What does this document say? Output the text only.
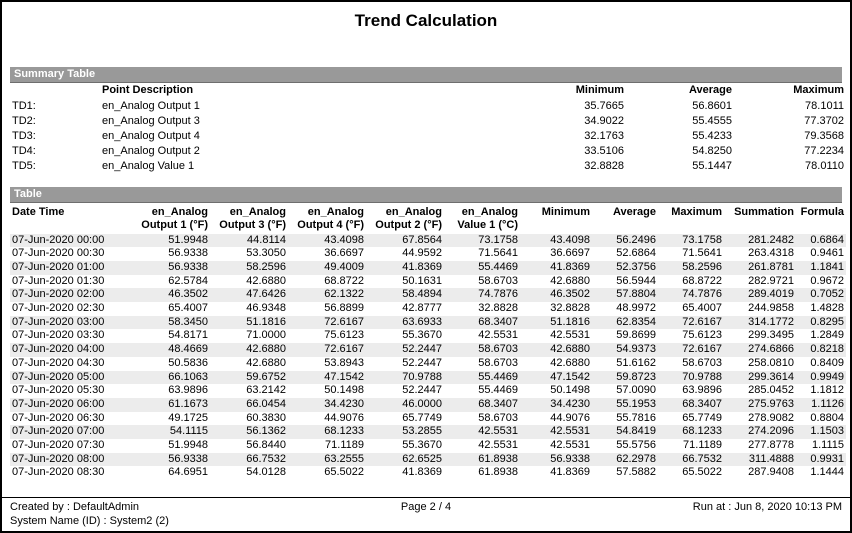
Trend Calculation
Summary Table
	Point Description	Minimum	Average	Maximum
TD1:	en_Analog Output 1	35.7665	56.8601	78.1011
TD2:	en_Analog Output 3	34.9022	55.4555	77.3702
TD3:	en_Analog Output 4	32.1763	55.4233	79.3568
TD4:	en_Analog Output 2	33.5106	54.8250	77.2234
TD5:	en_Analog Value 1	32.8828	55.1447	78.0110
Table
Date Time	en_Analog Output 1 (°F)	en_Analog Output 3 (°F)	en_Analog Output 4 (°F)	en_Analog Output 2 (°F)	en_Analog Value 1 (°C)	Minimum	Average	Maximum	Summation	Formula
07-Jun-2020 00:00	51.9948	44.8114	43.4098	67.8564	73.1758	43.4098	56.2496	73.1758	281.2482	0.6864
07-Jun-2020 00:30	56.9338	53.3050	36.6697	44.9592	71.5641	36.6697	52.6864	71.5641	263.4318	0.9461
07-Jun-2020 01:00	56.9338	58.2596	49.4009	41.8369	55.4469	41.8369	52.3756	58.2596	261.8781	1.1841
07-Jun-2020 01:30	62.5784	42.6880	68.8722	50.1631	58.6703	42.6880	56.5944	68.8722	282.9721	0.9672
07-Jun-2020 02:00	46.3502	47.6426	62.1322	58.4894	74.7876	46.3502	57.8804	74.7876	289.4019	0.7052
07-Jun-2020 02:30	65.4007	46.9348	56.8899	42.8777	32.8828	32.8828	48.9972	65.4007	244.9858	1.4828
07-Jun-2020 03:00	58.3450	51.1816	72.6167	63.6933	68.3407	51.1816	62.8354	72.6167	314.1772	0.8295
07-Jun-2020 03:30	54.8171	71.0000	75.6123	55.3670	42.5531	42.5531	59.8699	75.6123	299.3495	1.2849
07-Jun-2020 04:00	48.4669	42.6880	72.6167	52.2447	58.6703	42.6880	54.9373	72.6167	274.6866	0.8218
07-Jun-2020 04:30	50.5836	42.6880	53.8943	52.2447	58.6703	42.6880	51.6162	58.6703	258.0810	0.8409
07-Jun-2020 05:00	66.1063	59.6752	47.1542	70.9788	55.4469	47.1542	59.8723	70.9788	299.3614	0.9949
07-Jun-2020 05:30	63.9896	63.2142	50.1498	52.2447	55.4469	50.1498	57.0090	63.9896	285.0452	1.1812
07-Jun-2020 06:00	61.1673	66.0454	34.4230	46.0000	68.3407	34.4230	55.1953	68.3407	275.9763	1.1126
07-Jun-2020 06:30	49.1725	60.3830	44.9076	65.7749	58.6703	44.9076	55.7816	65.7749	278.9082	0.8804
07-Jun-2020 07:00	54.1115	56.1362	68.1233	53.2855	42.5531	42.5531	54.8419	68.1233	274.2096	1.1503
07-Jun-2020 07:30	51.9948	56.8440	71.1189	55.3670	42.5531	42.5531	55.5756	71.1189	277.8778	1.1115
07-Jun-2020 08:00	56.9338	66.7532	63.2555	62.6525	61.8938	56.9338	62.2978	66.7532	311.4888	0.9931
07-Jun-2020 08:30	64.6951	54.0128	65.5022	41.8369	61.8938	41.8369	57.5882	65.5022	287.9408	1.1444
Created by : DefaultAdmin
System Name (ID) : System2 (2)
Page 2 / 4	Run at : Jun 8, 2020 10:13 PM
